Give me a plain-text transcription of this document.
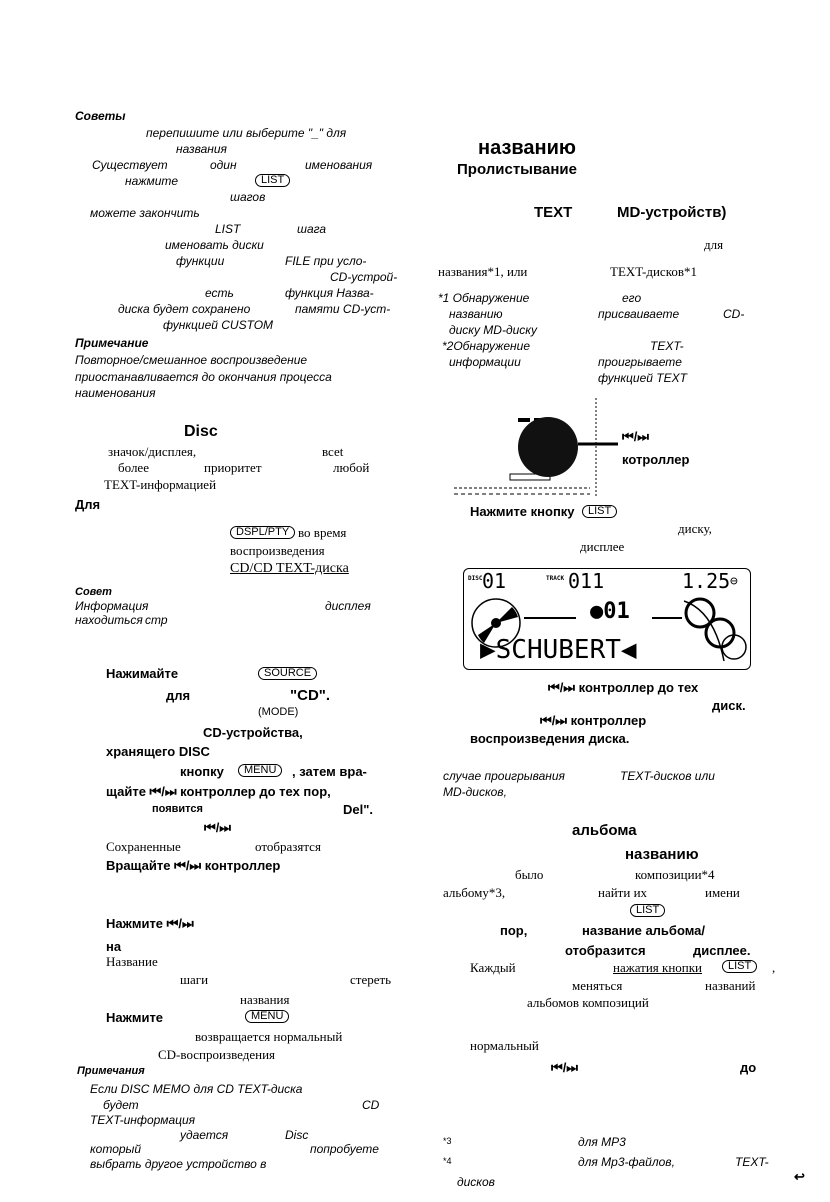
Советы
перепишите или выберите "_" для
названия
Существует	один	именования
нажмите	LIST
шагов
можете закончить
LIST	шага
именовать диски
функции	FILE при усло-
CD-устрой-
есть	функция Назва-
диска будет сохранено	памяти CD-уст-
функцией CUSTOM
Примечание
Повторное/смешанное воспроизведение
приостанавливается до окончания процесса
наименования
Disc
значок/дисплея,	всеt
более	приоритет	любой
TEXT-информацией
Для
DSPL/PTY во время
воспроизведения
CD/CD TEXT-диска
Совет
Информация	дисплея
находиться стр
Нажимайте	SOURCE
для	"CD".
(MODE)
CD-устройства,
хранящего DISC
кнопку	MENU	, затем вра-
щайте ⏮/⏭ контроллер до тех пор,
появится	Del".
⏮/⏭
Сохраненные	отобразятся
Вращайте ⏮/⏭ контроллер
Нажмите ⏮/⏭
на
Название
шаги	стереть
названия
Нажмите	MENU
возвращается нормальный
CD-воспроизведения
Примечания
Если DISC MEMO для CD TEXT-диска
будет	CD
TEXT-информация
удается	Disc
который	попробуете
выбрать другое устройство в
названию
Пролистывание
TEXT	MD-устройств)
для
названия*1, или	TEXT-дисков*1
*1 Обнаружение	его
названию	присваиваете	CD-
диску MD-диску
*2Обнаружение	TEXT-
информации	проигрываете
функцией TEXT
⏮/⏭
котроллер
Нажмите кнопку	LIST
диску,
дисплее
DISC 01	TRACK 011	1.25 ⊖
●01
▶SCHUBERT◀
⏮/⏭ контроллер до тех
диск.
⏮/⏭ контроллер
воспроизведения диска.
случае проигрывания	TEXT-дисков или
MD-дисков,
альбома
названию
было	композиции*4
альбому*3,	найти их	имени
LIST
пор,	название альбома/
отобразится	дисплее.
Каждый	нажатия кнопки	LIST	,
меняться	названий
альбомов композиций
нормальный
⏮/⏭	до
*3	для MP3
*4	для Mp3-файлов,	TEXT-
дисков	↩
